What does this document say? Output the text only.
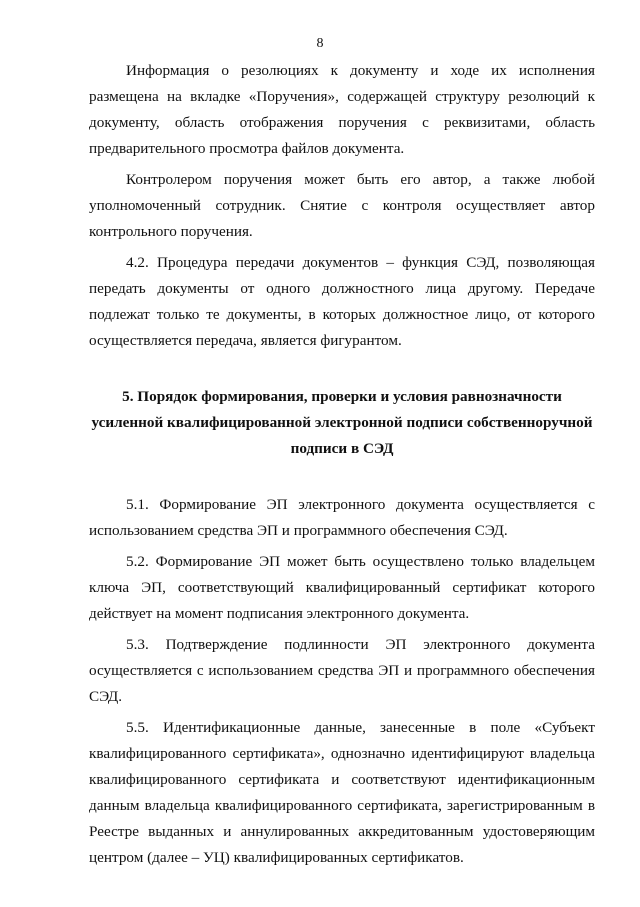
8

Информация о резолюциях к документу и ходе их исполнения размещена на вкладке «Поручения», содержащей структуру резолюций к документу, область отображения поручения с реквизитами, область предварительного просмотра файлов документа.

Контролером поручения может быть его автор, а также любой уполномоченный сотрудник. Снятие с контроля осуществляет автор контрольного поручения.

4.2. Процедура передачи документов – функция СЭД, позволяющая передать документы от одного должностного лица другому. Передаче подлежат только те документы, в которых должностное лицо, от которого осуществляется передача, является фигурантом.

5. Порядок формирования, проверки и условия равнозначности усиленной квалифицированной электронной подписи собственноручной подписи в СЭД

5.1. Формирование ЭП электронного документа осуществляется с использованием средства ЭП и программного обеспечения СЭД.

5.2. Формирование ЭП может быть осуществлено только владельцем ключа ЭП, соответствующий квалифицированный сертификат которого действует на момент подписания электронного документа.

5.3. Подтверждение подлинности ЭП электронного документа осуществляется с использованием средства ЭП и программного обеспечения СЭД.

5.5. Идентификационные данные, занесенные в поле «Субъект квалифицированного сертификата», однозначно идентифицируют владельца квалифицированного сертификата и соответствуют идентификационным данным владельца квалифицированного сертификата, зарегистрированным в Реестре выданных и аннулированных аккредитованным удостоверяющим центром (далее – УЦ) квалифицированных сертификатов.
